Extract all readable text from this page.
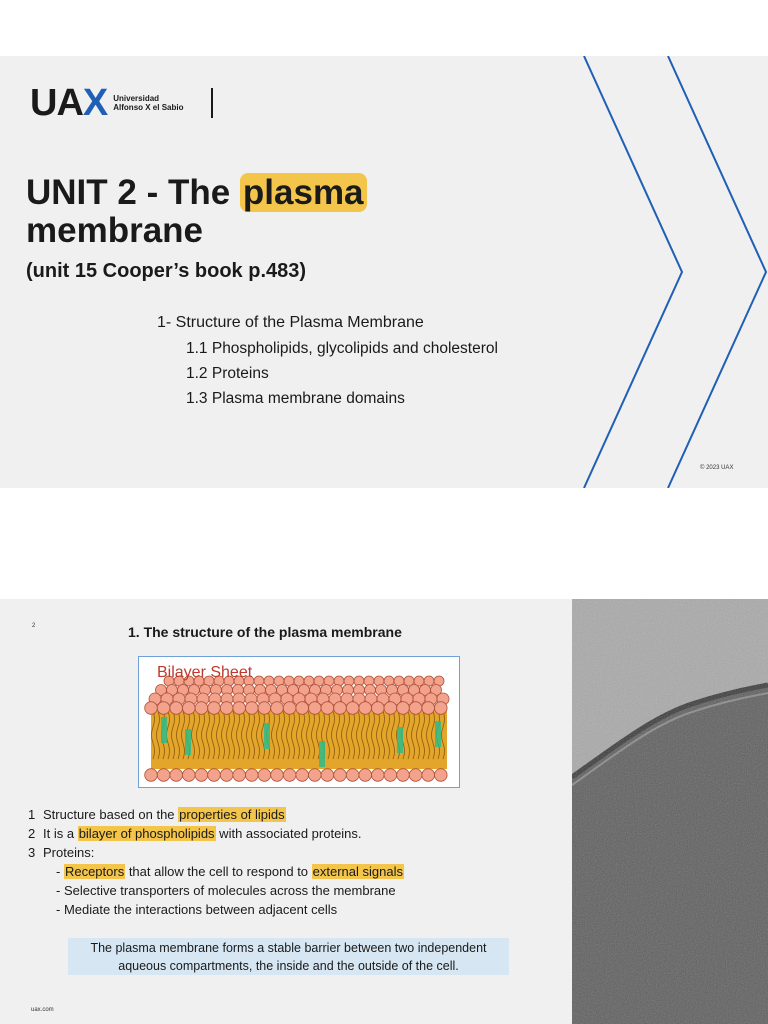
UAX Universidad
Alfonso X el Sabio
UNIT 2 - The plasma
membrane
(unit 15 Cooper’s book p.483)
1- Structure of the Plasma Membrane
1.1 Phospholipids, glycolipids and cholesterol
1.2 Proteins
1.3 Plasma membrane domains
© 2023 UAX
2	1. The structure of the plasma membrane
Bilayer Sheet
1 Structure based on the properties of lipids
2 It is a bilayer of phospholipids with associated proteins.
3 Proteins:
- Receptors that allow the cell to respond to external signals
- Selective transporters of molecules across the membrane
- Mediate the interactions between adjacent cells
The plasma membrane forms a stable barrier between two independent
aqueous compartments, the inside and the outside of the cell.
uax.com
